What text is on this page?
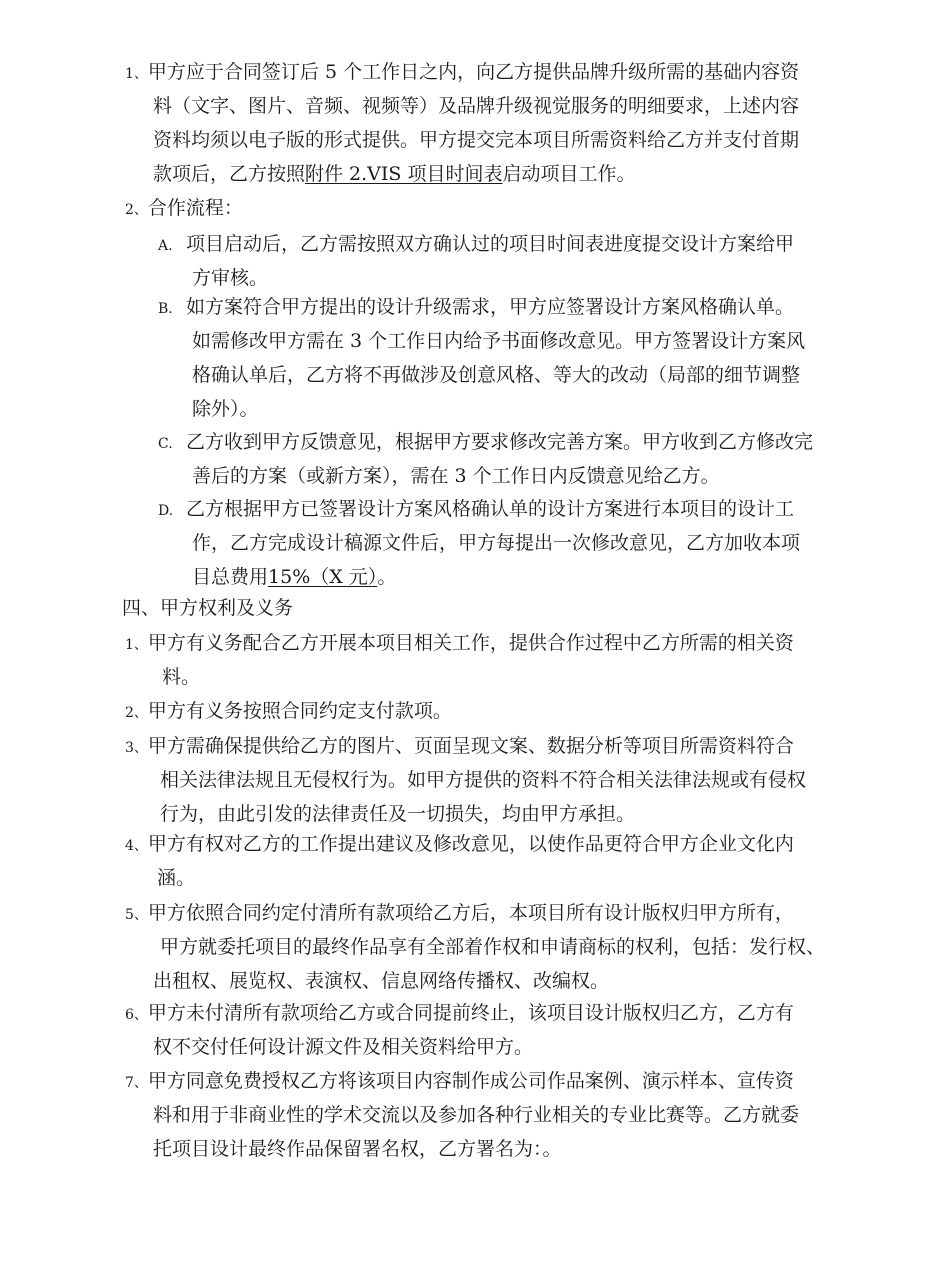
1、甲方应于合同签订后 5 个工作日之内，向乙方提供品牌升级所需的基础内容资
料（文字、图片、音频、视频等）及品牌升级视觉服务的明细要求，上述内容
资料均须以电子版的形式提供。甲方提交完本项目所需资料给乙方并支付首期
款项后，乙方按照附件 2.VIS 项目时间表启动项目工作。
2、合作流程：
A. 项目启动后，乙方需按照双方确认过的项目时间表进度提交设计方案给甲
方审核。
B. 如方案符合甲方提出的设计升级需求，甲方应签署设计方案风格确认单。
如需修改甲方需在 3 个工作日内给予书面修改意见。甲方签署设计方案风
格确认单后，乙方将不再做涉及创意风格、等大的改动（局部的细节调整
除外）。
C. 乙方收到甲方反馈意见，根据甲方要求修改完善方案。甲方收到乙方修改完
善后的方案（或新方案），需在 3 个工作日内反馈意见给乙方。
D. 乙方根据甲方已签署设计方案风格确认单的设计方案进行本项目的设计工
作，乙方完成设计稿源文件后，甲方每提出一次修改意见，乙方加收本项
目总费用15%（X 元）。
四、甲方权利及义务
1、甲方有义务配合乙方开展本项目相关工作，提供合作过程中乙方所需的相关资
料。
2、甲方有义务按照合同约定支付款项。
3、甲方需确保提供给乙方的图片、页面呈现文案、数据分析等项目所需资料符合
相关法律法规且无侵权行为。如甲方提供的资料不符合相关法律法规或有侵权
行为，由此引发的法律责任及一切损失，均由甲方承担。
4、甲方有权对乙方的工作提出建议及修改意见，以使作品更符合甲方企业文化内
涵。
5、甲方依照合同约定付清所有款项给乙方后，本项目所有设计版权归甲方所有，
甲方就委托项目的最终作品享有全部着作权和申请商标的权利，包括：发行权、
出租权、展览权、表演权、信息网络传播权、改编权。
6、甲方未付清所有款项给乙方或合同提前终止，该项目设计版权归乙方，乙方有
权不交付任何设计源文件及相关资料给甲方。
7、甲方同意免费授权乙方将该项目内容制作成公司作品案例、演示样本、宣传资
料和用于非商业性的学术交流以及参加各种行业相关的专业比赛等。乙方就委
托项目设计最终作品保留署名权，乙方署名为：。
